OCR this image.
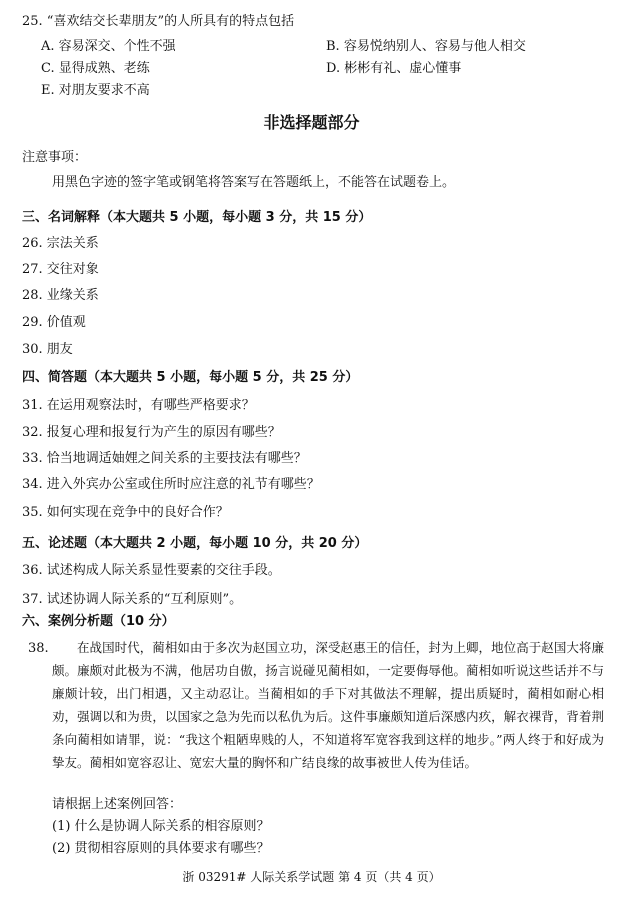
25. “喜欢结交长辈朋友”的人所具有的特点包括
A. 容易深交、个性不强	B. 容易悦纳别人、容易与他人相交
C. 显得成熟、老练	D. 彬彬有礼、虚心懂事
E. 对朋友要求不高
非选择题部分
注意事项：
用黑色字迹的签字笔或钢笔将答案写在答题纸上，不能答在试题卷上。
三、名词解释（本大题共 5 小题，每小题 3 分，共 15 分）
26. 宗法关系
27. 交往对象
28. 业缘关系
29. 价值观
30. 朋友
四、简答题（本大题共 5 小题，每小题 5 分，共 25 分）
31. 在运用观察法时，有哪些严格要求？
32. 报复心理和报复行为产生的原因有哪些？
33. 恰当地调适妯娌之间关系的主要技法有哪些？
34. 进入外宾办公室或住所时应注意的礼节有哪些？
35. 如何实现在竞争中的良好合作？
五、论述题（本大题共 2 小题，每小题 10 分，共 20 分）
36. 试述构成人际关系显性要素的交往手段。
37. 试述协调人际关系的“互利原则”。
六、案例分析题（10 分）
38.	在战国时代，蔺相如由于多次为赵国立功，深受赵惠王的信任，封为上卿，地位高于赵国大将廉颇。廉颇对此极为不满，他居功自傲，扬言说碰见蔺相如，一定要侮辱他。蔺相如听说这些话并不与廉颇计较，出门相遇，又主动忍让。当蔺相如的手下对其做法不理解，提出质疑时，蔺相如耐心相劝，强调以和为贵，以国家之急为先而以私仇为后。这件事廉颇知道后深感内疚，解衣裸背，背着荆条向蔺相如请罪，说：“我这个粗陋卑贱的人，不知道将军宽容我到这样的地步。”两人终于和好成为挚友。蔺相如宽容忍让、宽宏大量的胸怀和广结良缘的故事被世人传为佳话。

请根据上述案例回答：
(1) 什么是协调人际关系的相容原则？
(2) 贯彻相容原则的具体要求有哪些？
浙 03291# 人际关系学试题 第 4 页（共 4 页）
